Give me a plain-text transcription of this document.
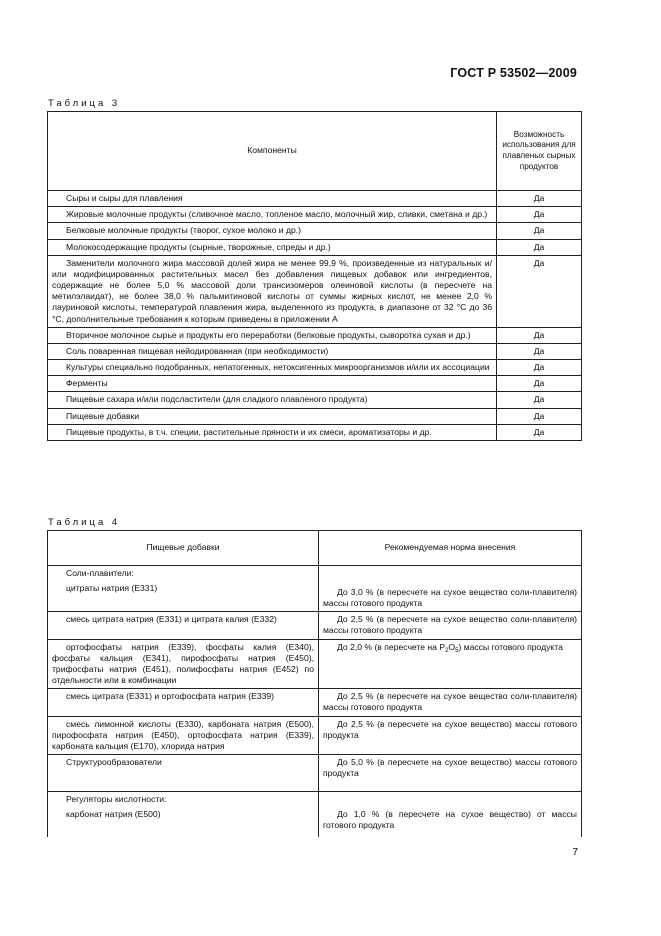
ГОСТ Р 53502—2009
Таблица 3
Компоненты	Возможность использования для плавленых сырных продуктов
Сыры и сыры для плавления	Да
Жировые молочные продукты (сливочное масло, топленое масло, молочный жир, сливки, сметана и др.)	Да
Белковые молочные продукты (творог, сухое молоко и др.)	Да
Молокосодержащие продукты (сырные, творожные, спреды и др.)	Да
Заменители молочного жира массовой долей жира не менее 99,9 %, произведенные из натуральных и/или модифицированных растительных масел без добавления пищевых добавок или ингредиентов, содержащие не более 5,0 % массовой доли трансизомеров олеиновой кислоты (в пересчете на метилэлаидат), не более 38,0 % пальмитиновой кислоты от суммы жирных кислот, не менее 2,0 % лауриновой кислоты, температурой плавления жира, выделенного из продукта, в диапазоне от 32 °C до 36 °C, дополнительные требования к которым приведены в приложении А	Да
Вторичное молочное сырье и продукты его переработки (белковые продукты, сыворотка сухая и др.)	Да
Соль поваренная пищевая нейодированная (при необходимости)	Да
Культуры специально подобранных, непатогенных, нетоксигенных микроорганизмов и/или их ассоциации	Да
Ферменты	Да
Пищевые сахара и/или подсластители (для сладкого плавленого продукта)	Да
Пищевые добавки	Да
Пищевые продукты, в т.ч. специи, растительные пряности и их смеси, ароматизаторы и др.	Да
Таблица 4
Пищевые добавки	Рекомендуемая норма внесения
Соли-плавители:	
цитраты натрия (Е331)	До 3,0 % (в пересчете на сухое вещество соли-плавителя) массы готового продукта
смесь цитрата натрия (Е331) и цитрата калия (Е332)	До 2,5 % (в пересчете на сухое вещество соли-плавителя) массы готового продукта
ортофосфаты натрия (Е339), фосфаты калия (Е340), фосфаты кальция (Е341), пирофосфаты натрия (Е450), трифосфаты натрия (Е451), полифосфаты натрия (Е452) по отдельности или в комбинации	До 2,0 % (в пересчете на $P_2O_5$) массы готового продукта
смесь цитрата (Е331) и ортофосфата натрия (Е339)	До 2,5 % (в пересчете на сухое вещество соли-плавителя) массы готового продукта
смесь лимонной кислоты (Е330), карбоната натрия (Е500), пирофосфата натрия (Е450), ортофосфата натрия (Е339), карбоната кальция (Е170), хлорида натрия	До 2,5 % (в пересчете на сухое вещество) массы готового продукта
Структурообразователи	До 5,0 % (в пересчете на сухое вещество) массы готового продукта
Регуляторы кислотности:	
карбонат натрия (Е500)	До 1,0 % (в пересчете на сухое вещество) от массы готового продукта
7
